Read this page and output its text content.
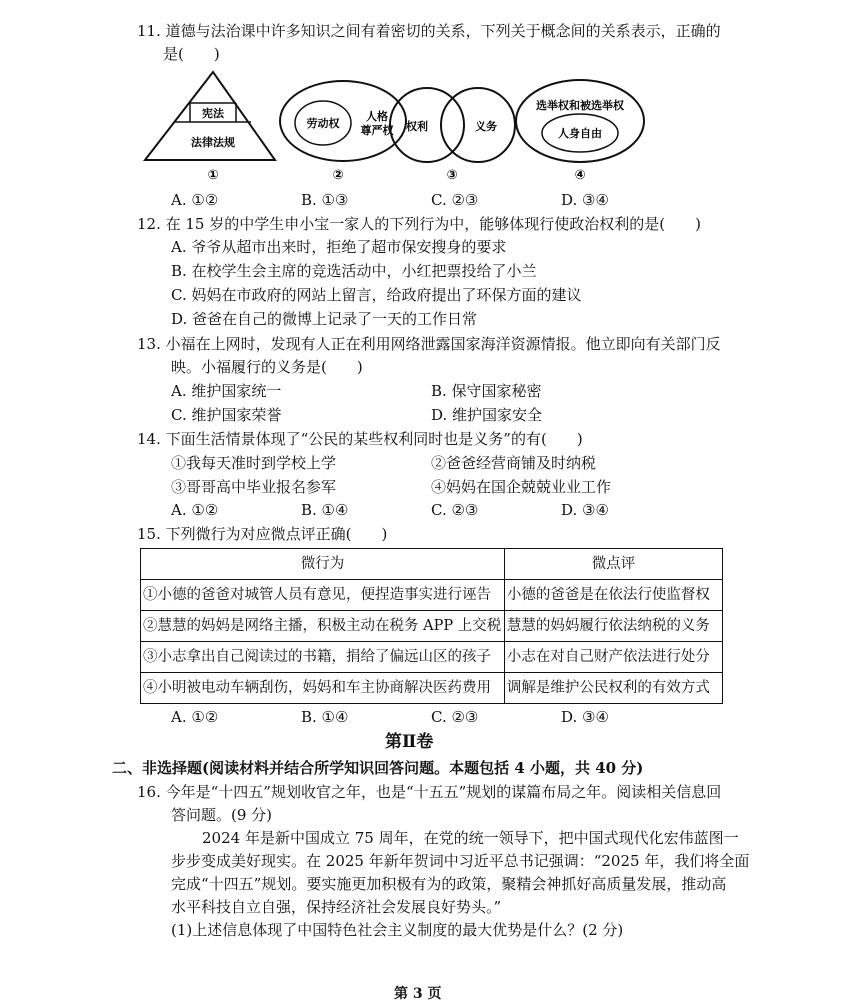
11. 道德与法治课中许多知识之间有着密切的关系，下列关于概念间的关系表示，正确的
是(　　)
宪法
法律法规
①
劳动权
人格
尊严权
②
权利	义务
③
选举权和被选举权
人身自由
④
A. ①②	B. ①③	C. ②③	D. ③④
12. 在 15 岁的中学生申小宝一家人的下列行为中，能够体现行使政治权利的是(　　)
A. 爷爷从超市出来时，拒绝了超市保安搜身的要求
B. 在校学生会主席的竞选活动中，小红把票投给了小兰
C. 妈妈在市政府的网站上留言，给政府提出了环保方面的建议
D. 爸爸在自己的微博上记录了一天的工作日常
13. 小福在上网时，发现有人正在利用网络泄露国家海洋资源情报。他立即向有关部门反
映。小福履行的义务是(　　)
A. 维护国家统一	B. 保守国家秘密
C. 维护国家荣誉	D. 维护国家安全
14. 下面生活情景体现了“公民的某些权利同时也是义务”的有(　　)
①我每天准时到学校上学	②爸爸经营商铺及时纳税
③哥哥高中毕业报名参军	④妈妈在国企兢兢业业工作
A. ①②	B. ①④	C. ②③	D. ③④
15. 下列微行为对应微点评正确(　　)
微行为	微点评
①小德的爸爸对城管人员有意见，便捏造事实进行诬告	小德的爸爸是在依法行使监督权
②慧慧的妈妈是网络主播，积极主动在税务 APP 上交税	慧慧的妈妈履行依法纳税的义务
③小志拿出自己阅读过的书籍，捐给了偏远山区的孩子	小志在对自己财产依法进行处分
④小明被电动车辆刮伤，妈妈和车主协商解决医药费用	调解是维护公民权利的有效方式
A. ①②	B. ①④	C. ②③	D. ③④
第Ⅱ卷
二、非选择题(阅读材料并结合所学知识回答问题。本题包括 4 小题，共 40 分)
16. 今年是“十四五”规划收官之年，也是“十五五”规划的谋篇布局之年。阅读相关信息回
答问题。(9 分)
2024 年是新中国成立 75 周年，在党的统一领导下，把中国式现代化宏伟蓝图一
步步变成美好现实。在 2025 年新年贺词中习近平总书记强调：“2025 年，我们将全面
完成“十四五”规划。要实施更加积极有为的政策，聚精会神抓好高质量发展，推动高
水平科技自立自强，保持经济社会发展良好势头。”
(1)上述信息体现了中国特色社会主义制度的最大优势是什么？(2 分)
第 3 页
